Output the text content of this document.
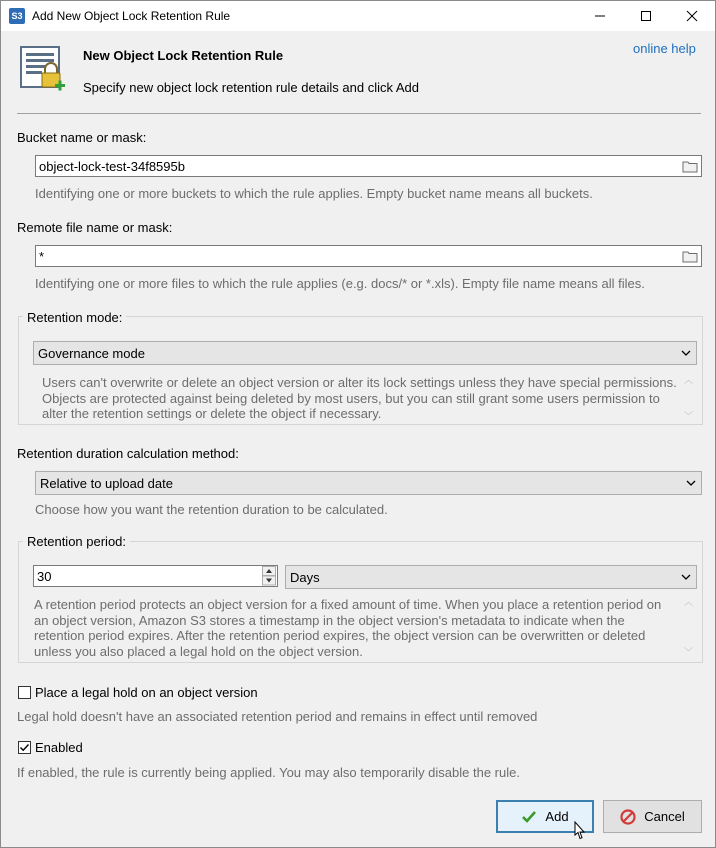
S3 Add New Object Lock Retention Rule
New Object Lock Retention Rule
Specify new object lock retention rule details and click Add
online help
Bucket name or mask:
object-lock-test-34f8595b
Identifying one or more buckets to which the rule applies. Empty bucket name means all buckets.
Remote file name or mask:
*
Identifying one or more files to which the rule applies (e.g. docs/* or *.xls). Empty file name means all files.
Retention mode:
Governance mode
Users can't overwrite or delete an object version or alter its lock settings unless they have special permissions. Objects are protected against being deleted by most users, but you can still grant some users permission to alter the retention settings or delete the object if necessary.
︿
﹀
Retention duration calculation method:
Relative to upload date
Choose how you want the retention duration to be calculated.
Retention period:
30	Days
A retention period protects an object version for a fixed amount of time. When you place a retention period on an object version, Amazon S3 stores a timestamp in the object version's metadata to indicate when the retention period expires. After the retention period expires, the object version can be overwritten or deleted unless you also placed a legal hold on the object version.
︿
﹀
Place a legal hold on an object version
Legal hold doesn't have an associated retention period and remains in effect until removed
Enabled
If enabled, the rule is currently being applied. You may also temporarily disable the rule.
Add	Cancel
